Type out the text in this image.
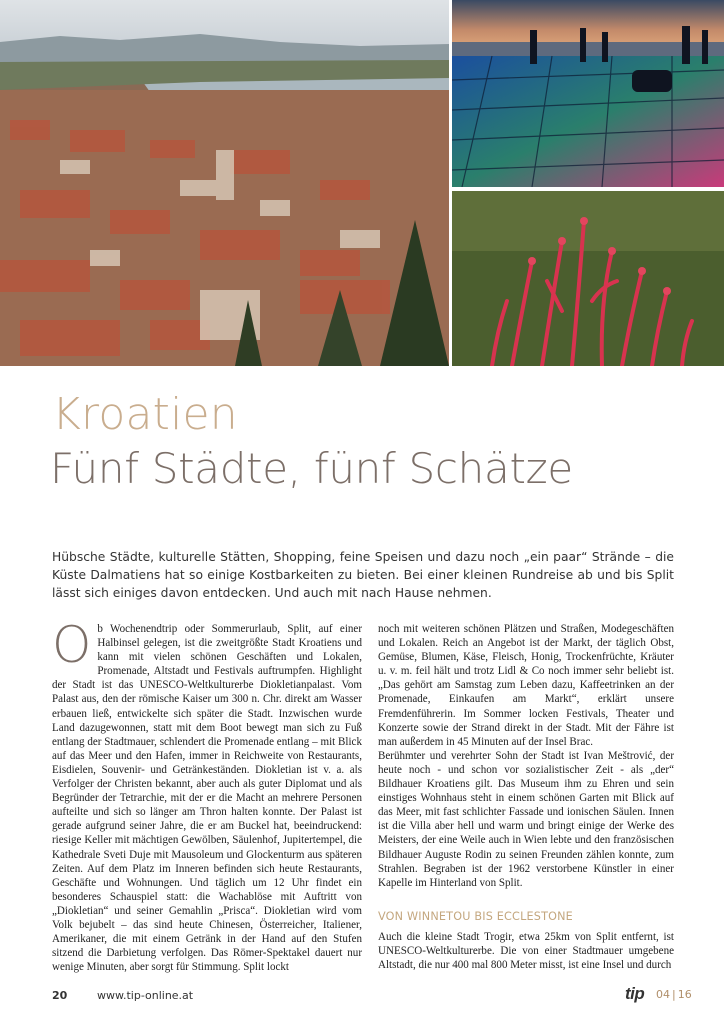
Kroatien
Fünf Städte, fünf Schätze
Hübsche Städte, kulturelle Stätten, Shopping, feine Speisen und dazu noch „ein paar“ Strände – die Küste Dalmatiens hat so einige Kostbarkeiten zu bieten. Bei einer kleinen Rundreise ab und bis Split lässt sich einiges davon entdecken. Und auch mit nach Hause nehmen.

Ob Wochenendtrip oder Sommerurlaub, Split, auf einer Halbinsel gelegen, ist die zweitgrößte Stadt Kroatiens und kann mit vielen schönen Geschäften und Lokalen, Promenade, Altstadt und Festivals auftrumpfen. Highlight der Stadt ist das UNESCO-Weltkulturerbe Diokletianpalast. Vom Palast aus, den der römische Kaiser um 300 n. Chr. direkt am Wasser erbauen ließ, entwickelte sich später die Stadt. Inzwischen wurde Land dazugewonnen, statt mit dem Boot bewegt man sich zu Fuß entlang der Stadtmauer, schlendert die Promenade entlang – mit Blick auf das Meer und den Hafen, immer in Reichweite von Restaurants, Eisdielen, Souvenir- und Getränkeständen. Diokletian ist v. a. als Verfolger der Christen bekannt, aber auch als guter Diplomat und als Begründer der Tetrarchie, mit der er die Macht an mehrere Personen aufteilte und sich so länger am Thron halten konnte. Der Palast ist gerade aufgrund seiner Jahre, die er am Buckel hat, beeindruckend: riesige Keller mit mächtigen Gewölben, Säulenhof, Jupitertempel, die Kathedrale Sveti Duje mit Mausoleum und Glockenturm aus späteren Zeiten. Auf dem Platz im Inneren befinden sich heute Restaurants, Geschäfte und Wohnungen. Und täglich um 12 Uhr findet ein besonderes Schauspiel statt: die Wachablöse mit Auftritt von „Diokletian“ und seiner Gemahlin „Prisca“. Diokletian wird vom Volk bejubelt – das sind heute Chinesen, Österreicher, Italiener, Amerikaner, die mit einem Getränk in der Hand auf den Stufen sitzend die Darbietung verfolgen. Das Römer-Spektakel dauert nur wenige Minuten, aber sorgt für Stimmung. Split lockt

noch mit weiteren schönen Plätzen und Straßen, Modegeschäften und Lokalen. Reich an Angebot ist der Markt, der täglich Obst, Gemüse, Blumen, Käse, Fleisch, Honig, Trockenfrüchte, Kräuter u. v. m. feil hält und trotz Lidl & Co noch immer sehr beliebt ist. „Das gehört am Samstag zum Leben dazu, Kaffeetrinken an der Promenade, Einkaufen am Markt“, erklärt unsere Fremdenführerin. Im Sommer locken Festivals, Theater und Konzerte sowie der Strand direkt in der Stadt. Mit der Fähre ist man außerdem in 45 Minuten auf der Insel Brac.

Berühmter und verehrter Sohn der Stadt ist Ivan Meštrović, der heute noch - und schon vor sozialistischer Zeit - als „der“ Bildhauer Kroatiens gilt. Das Museum ihm zu Ehren und sein einstiges Wohnhaus steht in einem schönen Garten mit Blick auf das Meer, mit fast schlichter Fassade und ionischen Säulen. Innen ist die Villa aber hell und warm und bringt einige der Werke des Meisters, der eine Weile auch in Wien lebte und den französischen Bildhauer Auguste Rodin zu seinen Freunden zählen konnte, zum Strahlen. Begraben ist der 1962 verstorbene Künstler in einer Kapelle im Hinterland von Split.

VON WINNETOU BIS ECCLESTONE

Auch die kleine Stadt Trogir, etwa 25km von Split entfernt, ist UNESCO-Weltkulturerbe. Die von einer Stadtmauer umgebene Altstadt, die nur 400 mal 800 Meter misst, ist eine Insel und durch

20	www.tip-online.at	tip 04 | 16
